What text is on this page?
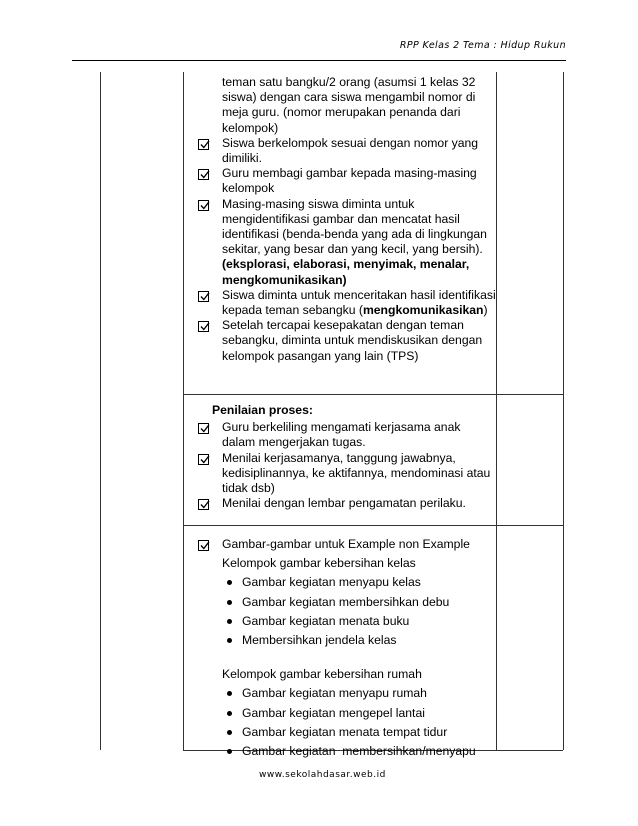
RPP Kelas 2 Tema : Hidup Rukun
www.sekolahdasar.web.id
teman satu bangku/2 orang (asumsi 1 kelas 32 siswa) dengan cara siswa mengambil nomor di meja guru. (nomor merupakan penanda dari kelompok)
Siswa berkelompok sesuai dengan nomor yang dimiliki.
Guru membagi gambar kepada masing-masing kelompok
Masing-masing siswa diminta untuk mengidentifikasi gambar dan mencatat hasil identifikasi (benda-benda yang ada di lingkungan sekitar, yang besar dan yang kecil, yang bersih). (eksplorasi, elaborasi, menyimak, menalar, mengkomunikasikan)
Siswa diminta untuk menceritakan hasil identifikasi kepada teman sebangku (mengkomunikasikan)
Setelah tercapai kesepakatan dengan teman sebangku, diminta untuk mendiskusikan dengan kelompok pasangan yang lain (TPS)
Penilaian proses:
Guru berkeliling mengamati kerjasama anak dalam mengerjakan tugas.
Menilai kerjasamanya, tanggung jawabnya, kedisiplinannya, ke aktifannya, mendominasi atau tidak dsb)
Menilai dengan lembar pengamatan perilaku.
Gambar-gambar untuk Example non Example
Kelompok gambar kebersihan kelas
Gambar kegiatan menyapu kelas
Gambar kegiatan membersihkan debu
Gambar kegiatan menata buku
Membersihkan jendela kelas
Kelompok gambar kebersihan rumah
Gambar kegiatan menyapu rumah
Gambar kegiatan mengepel lantai
Gambar kegiatan menata tempat tidur
Gambar kegiatan  membersihkan/menyapu
